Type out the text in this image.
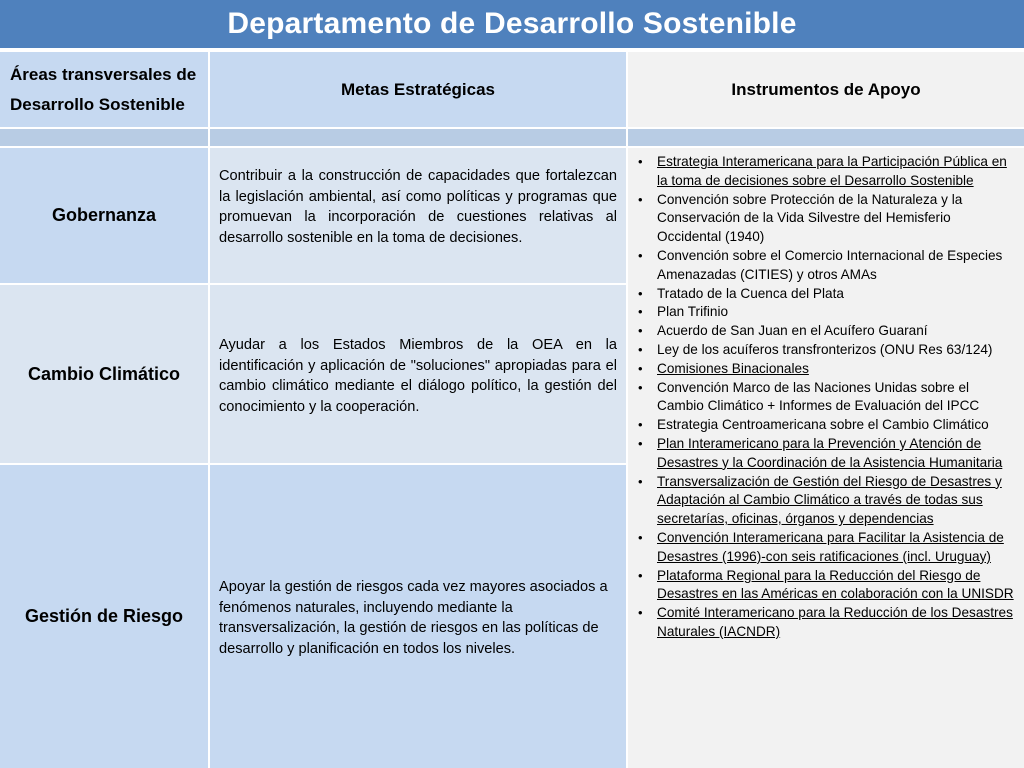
Departamento de Desarrollo Sostenible
Áreas transversales de Desarrollo Sostenible
Metas Estratégicas	Instrumentos de Apoyo
Gobernanza
Contribuir a la construcción de capacidades que fortalezcan la legislación ambiental, así como políticas y programas que promuevan la incorporación de cuestiones relativas al desarrollo sostenible en la toma de decisiones.
Cambio Climático
Ayudar a los Estados Miembros de la OEA en la identificación y aplicación de "soluciones" apropiadas para el cambio climático mediante el diálogo político, la gestión del conocimiento y la cooperación.
Gestión de Riesgo
Apoyar la gestión de riesgos cada vez mayores asociados a fenómenos naturales, incluyendo mediante la transversalización, la gestión de riesgos en las políticas de desarrollo y planificación en todos los niveles.
• Estrategia Interamericana para la Participación Pública en la toma de decisiones sobre el Desarrollo Sostenible
• Convención sobre Protección de la Naturaleza y la Conservación de la Vida Silvestre del Hemisferio Occidental (1940)
• Convención sobre el Comercio Internacional de Especies Amenazadas (CITIES) y otros AMAs
• Tratado de la Cuenca del Plata
• Plan Trifinio
• Acuerdo de San Juan en el Acuífero Guaraní
• Ley de los acuíferos transfronterizos (ONU Res 63/124)
• Comisiones Binacionales
• Convención Marco de las Naciones Unidas sobre el Cambio Climático + Informes de Evaluación del IPCC
• Estrategia Centroamericana sobre el Cambio Climático
• Plan Interamericano para la Prevención y Atención de Desastres y la Coordinación de la Asistencia Humanitaria
• Transversalización de Gestión del Riesgo de Desastres y Adaptación al Cambio Climático a través de todas sus secretarías, oficinas, órganos y dependencias
• Convención Interamericana para Facilitar la Asistencia de Desastres (1996)-con seis ratificaciones (incl. Uruguay)
• Plataforma Regional para la Reducción del Riesgo de Desastres en las Américas en colaboración con la UNISDR
• Comité Interamericano para la Reducción de los Desastres Naturales (IACNDR)
